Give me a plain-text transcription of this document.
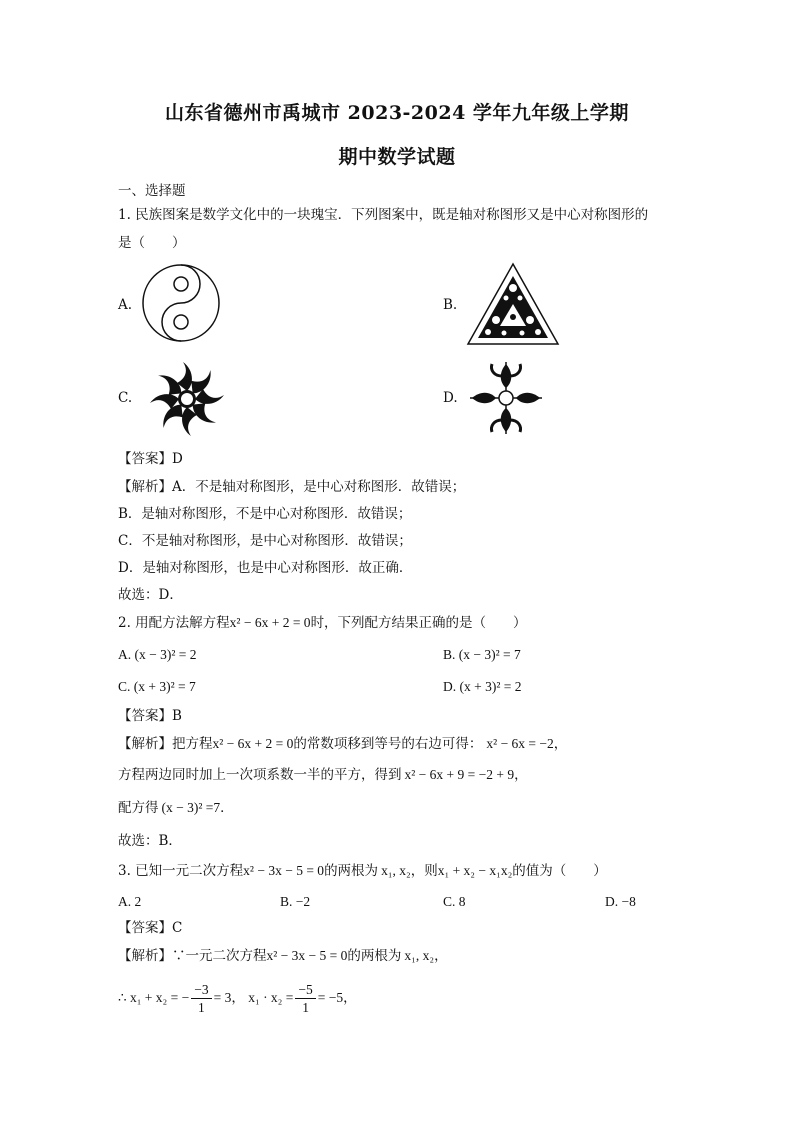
山东省德州市禹城市 2023-2024 学年九年级上学期
期中数学试题
一、选择题
1. 民族图案是数学文化中的一块瑰宝．下列图案中，既是轴对称图形又是中心对称图形的
是（　　）
A.	B.
C.	D.
【答案】D
【解析】A．不是轴对称图形，是中心对称图形．故错误；
B．是轴对称图形，不是中心对称图形．故错误；
C．不是轴对称图形，是中心对称图形．故错误；
D．是轴对称图形，也是中心对称图形．故正确．
故选：D．
2. 用配方法解方程x² − 6x + 2 = 0时，下列配方结果正确的是（　　）
A. (x − 3)² = 2	B. (x − 3)² = 7
C. (x + 3)² = 7	D. (x + 3)² = 2
【答案】B
【解析】把方程x² − 6x + 2 = 0的常数项移到等号的右边可得： x² − 6x = −2，
方程两边同时加上一次项系数一半的平方，得到 x² − 6x + 9 = −2 + 9，
配方得 (x − 3)² =7．
故选：B．
3. 已知一元二次方程x² − 3x − 5 = 0的两根为 x₁, x₂，则x₁ + x₂ − x₁x₂的值为（　　）
A. 2	B. −2	C. 8	D. −8
【答案】C
【解析】∵一元二次方程x² − 3x − 5 = 0的两根为 x₁, x₂，
∴ x₁ + x₂ = − $\frac{-3}{1} = 3$， $x_1 \cdot x_2 = \frac{-5}{1} = -5$，
